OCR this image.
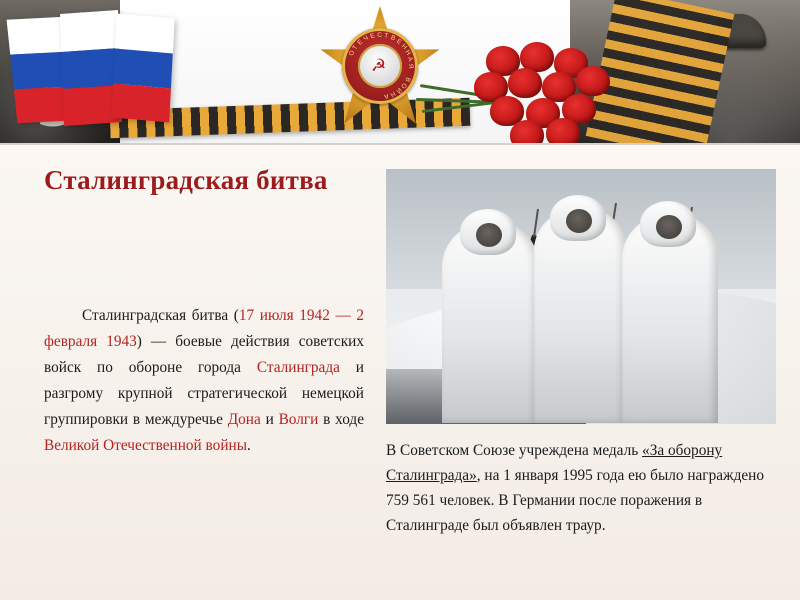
О
Т
Е
Ч Е С Т В
Е
Н
Н
А
Я
В
О
Й
Н
А
☭
Сталинградская битва
Сталинградская битва (17 июля 1942 — 2 февраля 1943) — боевые действия советских войск по обороне города Сталинграда и разгрому крупной стратегической немецкой группировки в междуречье Дона и Волги в ходе Великой Отечественной войны.	В Советском Союзе учреждена медаль «За оборону Сталинграда», на 1 января 1995 года ею было награждено 759 561 человек. В Германии после поражения в Сталинграде был объявлен траур.
